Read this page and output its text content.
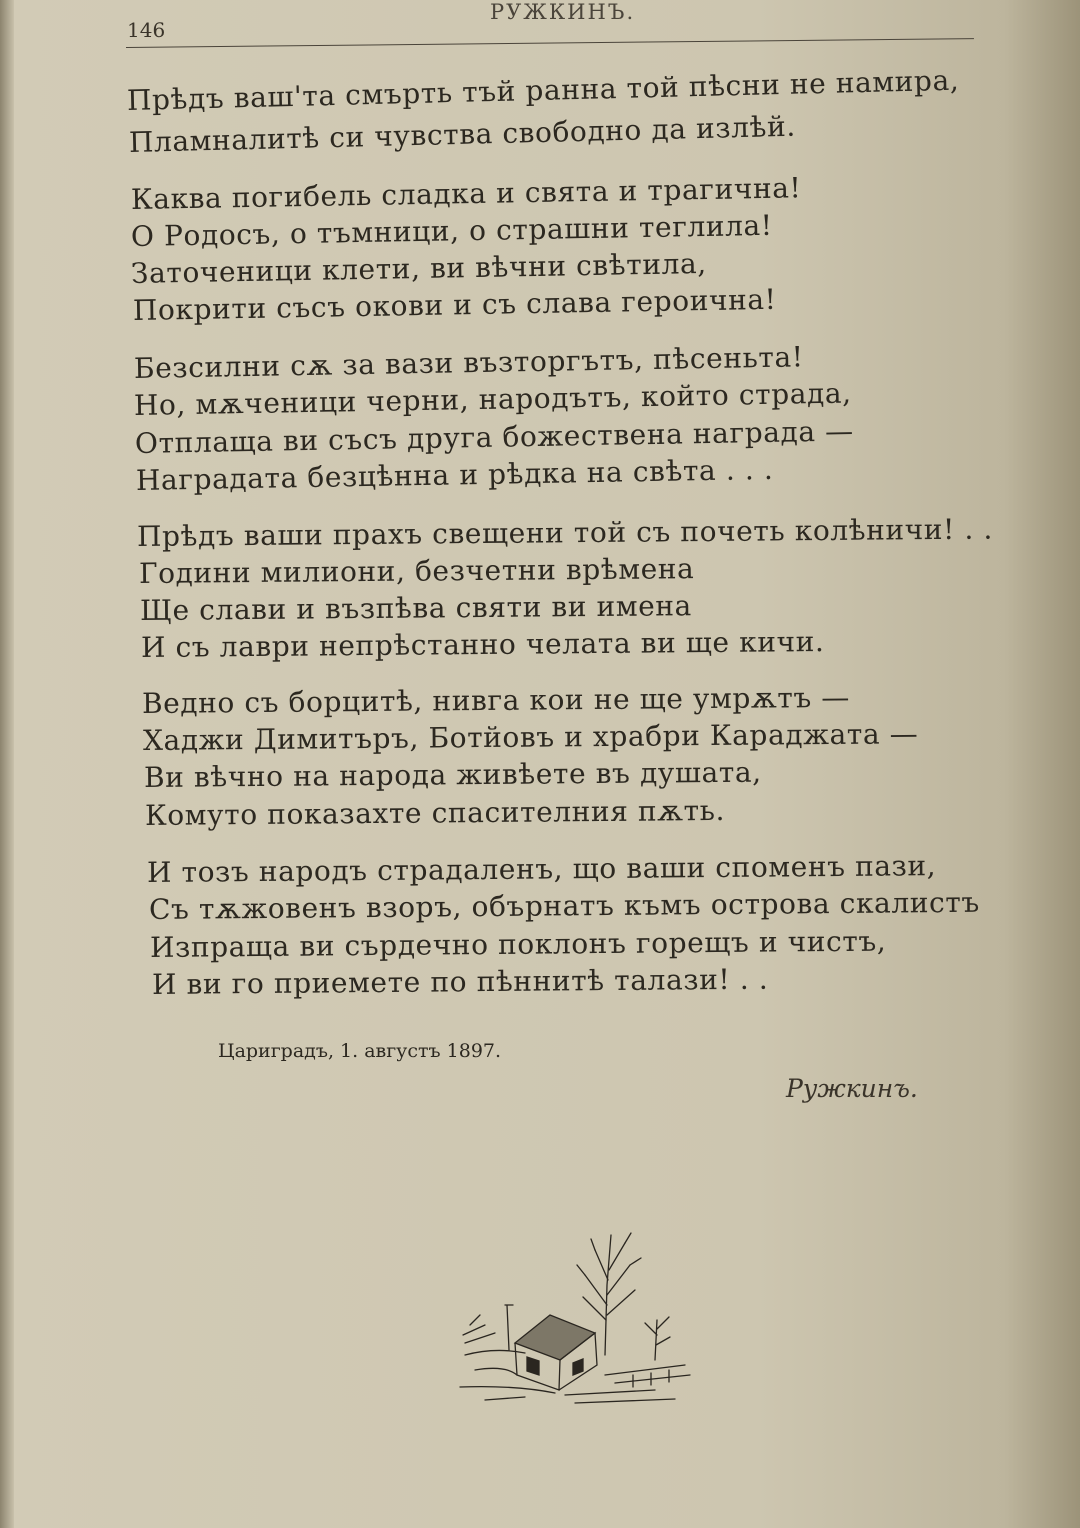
146
РУЖКИНЪ.
Прѣдъ ваш'та смърть тъй ранна той пѣсни не намира,
Пламналитѣ си чувства свободно да излѣй.
Каква погибель сладка и свята и трагична!
О Родосъ, о тъмници, о страшни теглила!
Заточеници клети, ви вѣчни свѣтила,
Покрити съсъ окови и съ слава героична!
Безсилни сѫ за вази възторгътъ, пѣсеньта!
Но, мѫченици черни, народътъ, който страда,
Отплаща ви съсъ друга божествена награда —
Наградата безцѣнна и рѣдка на свѣта . . .
Прѣдъ ваши прахъ свещени той съ почеть колѣничи! . .
Години милиони, безчетни врѣмена
Ще слави и възпѣва святи ви имена
И съ лаври непрѣстанно челата ви ще кичи.
Ведно съ борцитѣ, нивга кои не ще умрѫтъ —
Хаджи Димитъръ, Ботйовъ и храбри Караджата —
Ви вѣчно на народа живѣете въ душата,
Комуто показахте спасителния пѫть.
И тозъ народъ страдаленъ, що ваши споменъ пази,
Съ тѫжовенъ взоръ, обърнатъ къмъ острова скалистъ
Изпраща ви сърдечно поклонъ горещъ и чистъ,
И ви го приемете по пѣннитѣ талази! . .
Цариградъ, 1. августъ 1897.
Ружкинъ.
